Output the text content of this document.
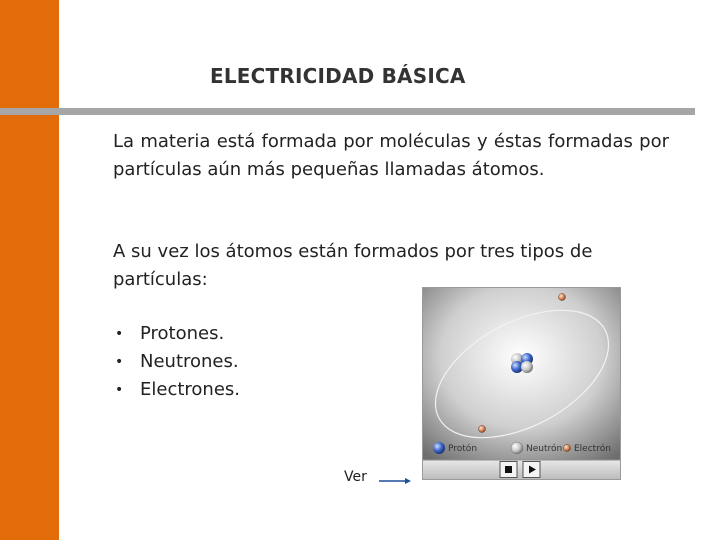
ELECTRICIDAD BÁSICA

La materia está formada por moléculas y éstas formadas por partículas aún más pequeñas llamadas átomos.

A su vez los átomos están formados por tres tipos de partículas:

• Protones.
• Neutrones.
• Electrones.
Protón	Neutrón Electrón
Ver
